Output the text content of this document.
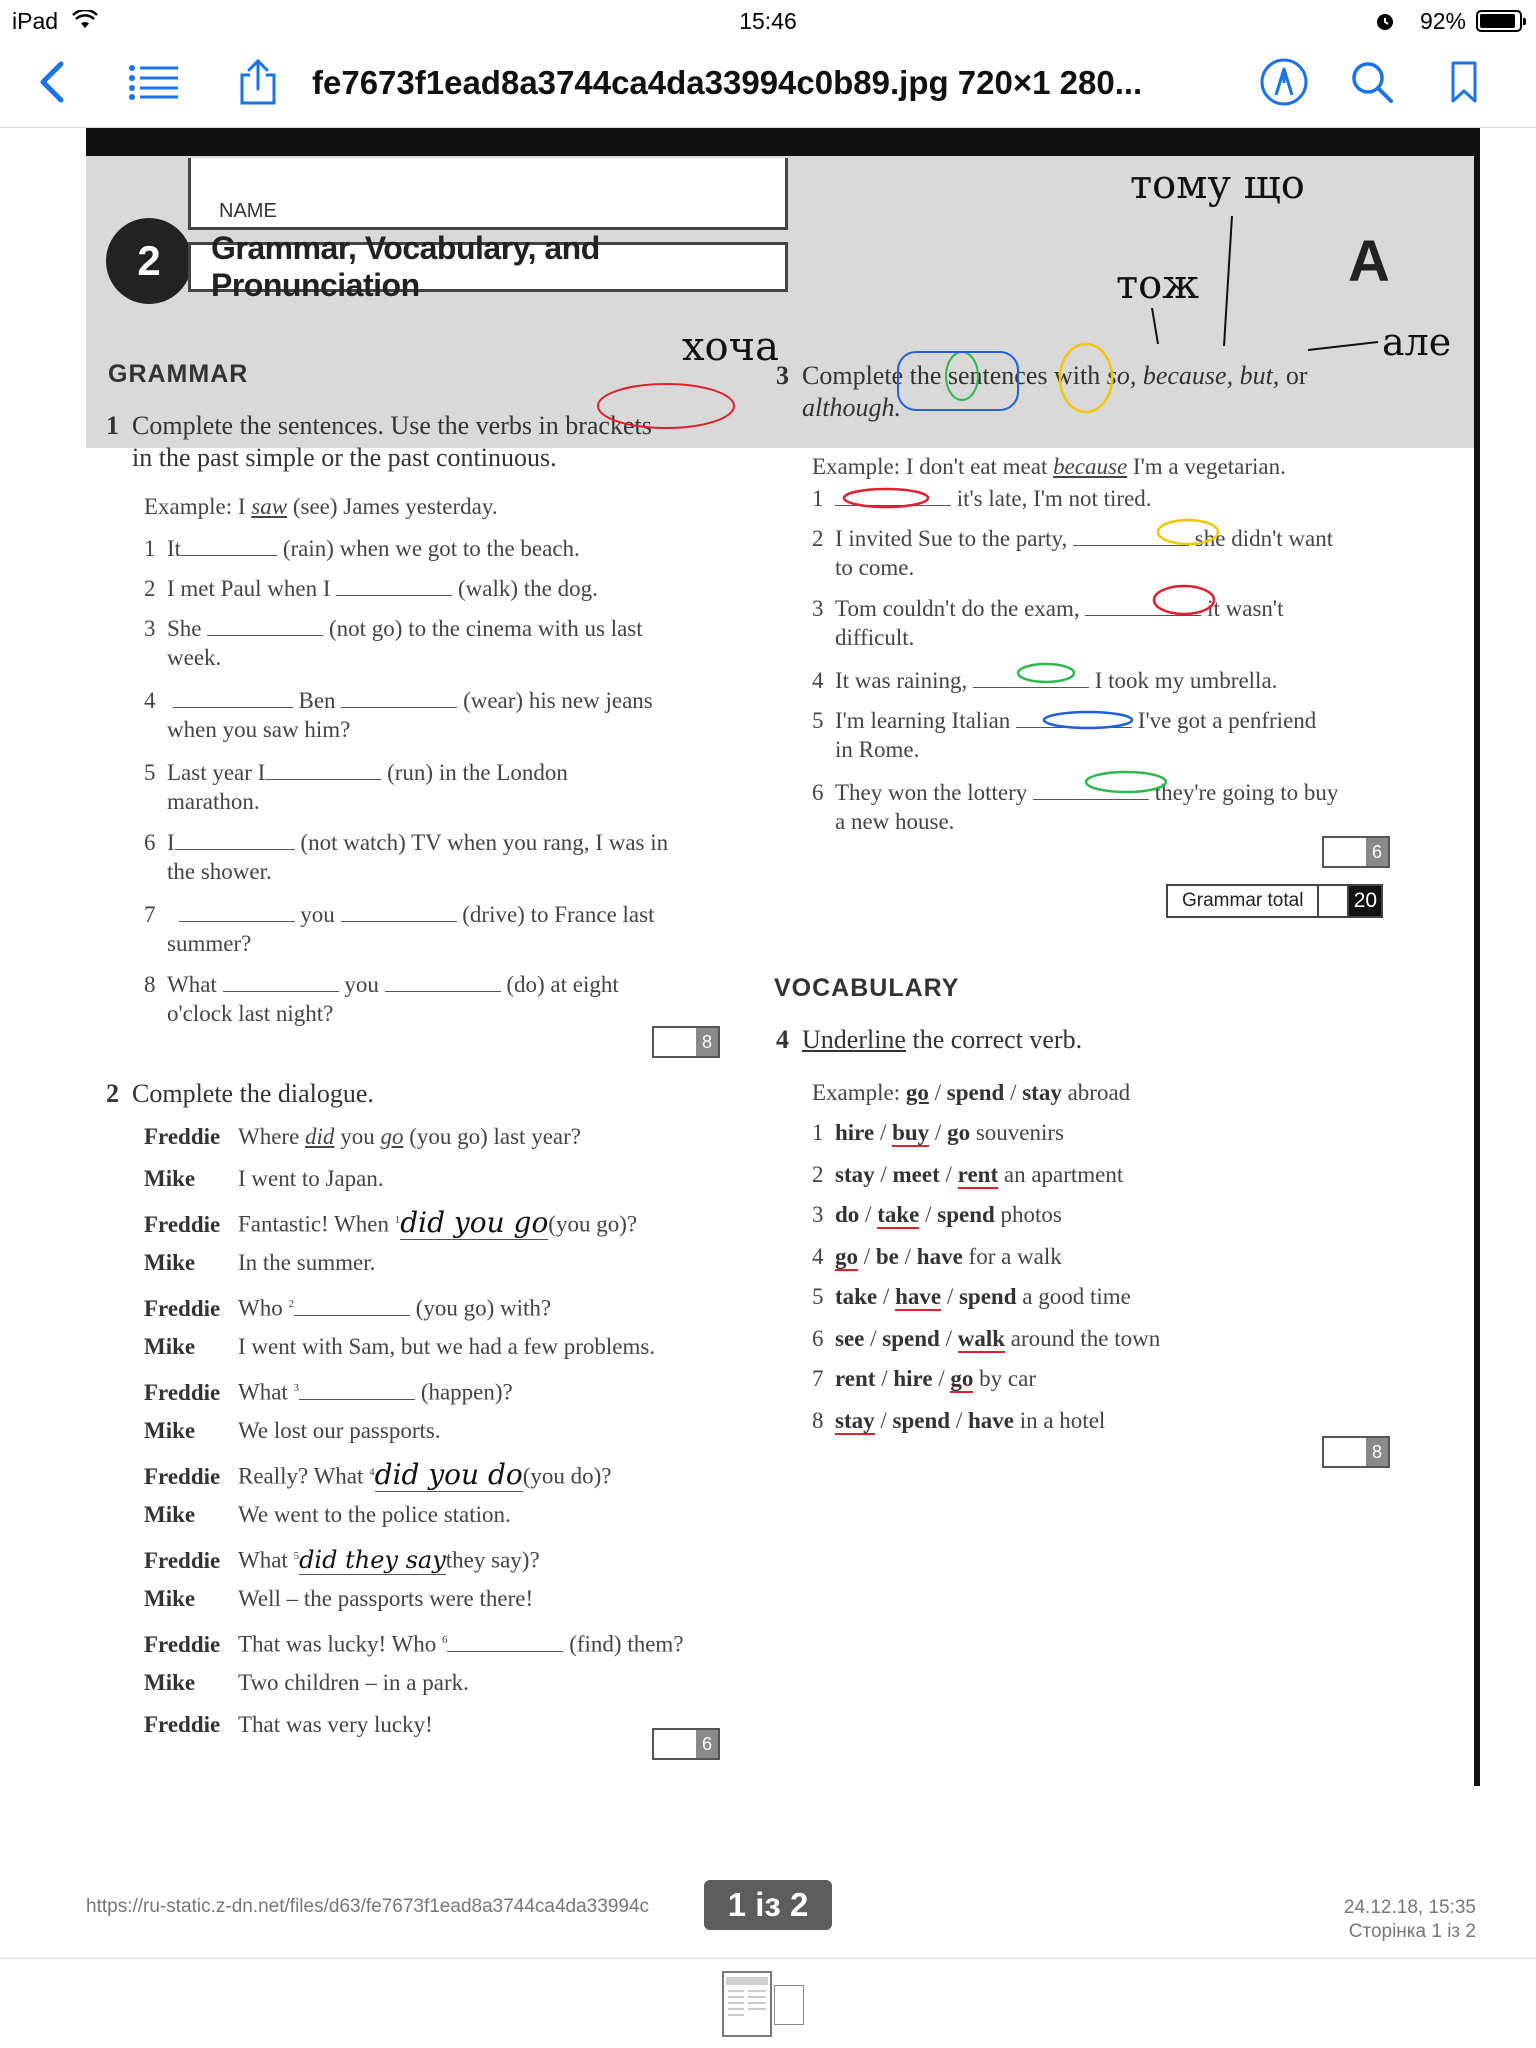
iPad	15:46	92%
fe7673f1ead8a3744ca4da33994c0b89.jpg 720×1 280...
NAME
2	Grammar, Vocabulary, and Pronunciation	A
тому що
тож
хоча	але
GRAMMAR
1 Complete the sentences. Use the verbs in brackets
in the past simple or the past continuous.
Example: I saw (see) James yesterday.
1 It	(rain) when we got to the beach.
2 I met Paul when I	(walk) the dog.
3 She	(not go) to the cinema with us last
week.
4	Ben	(wear) his new jeans
when you saw him?
5 Last year I	(run) in the London
marathon.
6 I	(not watch) TV when you rang, I was in
the shower.
7	you	(drive) to France last
summer?
8 What	you	(do) at eight
o'clock last night?
8
2 Complete the dialogue.
Freddie Where did you go (you go) last year?
Mike I went to Japan.
Freddie Fantastic! When $^1$did you go(you go)?
Mike In the summer.
Freddie Who $^2$	(you go) with?
Mike I went with Sam, but we had a few problems.
Freddie What $^3$	(happen)?
Mike We lost our passports.
Freddie Really? What $^4$did you do(you do)?
Mike We went to the police station.
Freddie What $^5$did they saythey say)?
Mike Well – the passports were there!
Freddie That was lucky! Who $^6$	(find) them?
Mike Two children – in a park.
Freddie That was very lucky!
6
3 Complete the sentences with so, because, but, or
although.
Example: I don't eat meat because I'm a vegetarian.
1	it's late, I'm not tired.
2 I invited Sue to the party,	she didn't want
to come.
3 Tom couldn't do the exam,	it wasn't
difficult.
4 It was raining,	I took my umbrella.
5 I'm learning Italian	I've got a penfriend
in Rome.
6 They won the lottery	they're going to buy
a new house.
6
Grammar total	20
VOCABULARY
4 Underline the correct verb.
Example: go / spend / stay abroad
1 hire / buy / go souvenirs
2 stay / meet / rent an apartment
3 do / take / spend photos
4 go / be / have for a walk
5 take / have / spend a good time
6 see / spend / walk around the town
7 rent / hire / go by car
8 stay / spend / have in a hotel
8
https://ru-static.z-dn.net/files/d63/fe7673f1ead8a3744ca4da33994c	1 із 2	24.12.18, 15:35
Сторінка 1 із 2
